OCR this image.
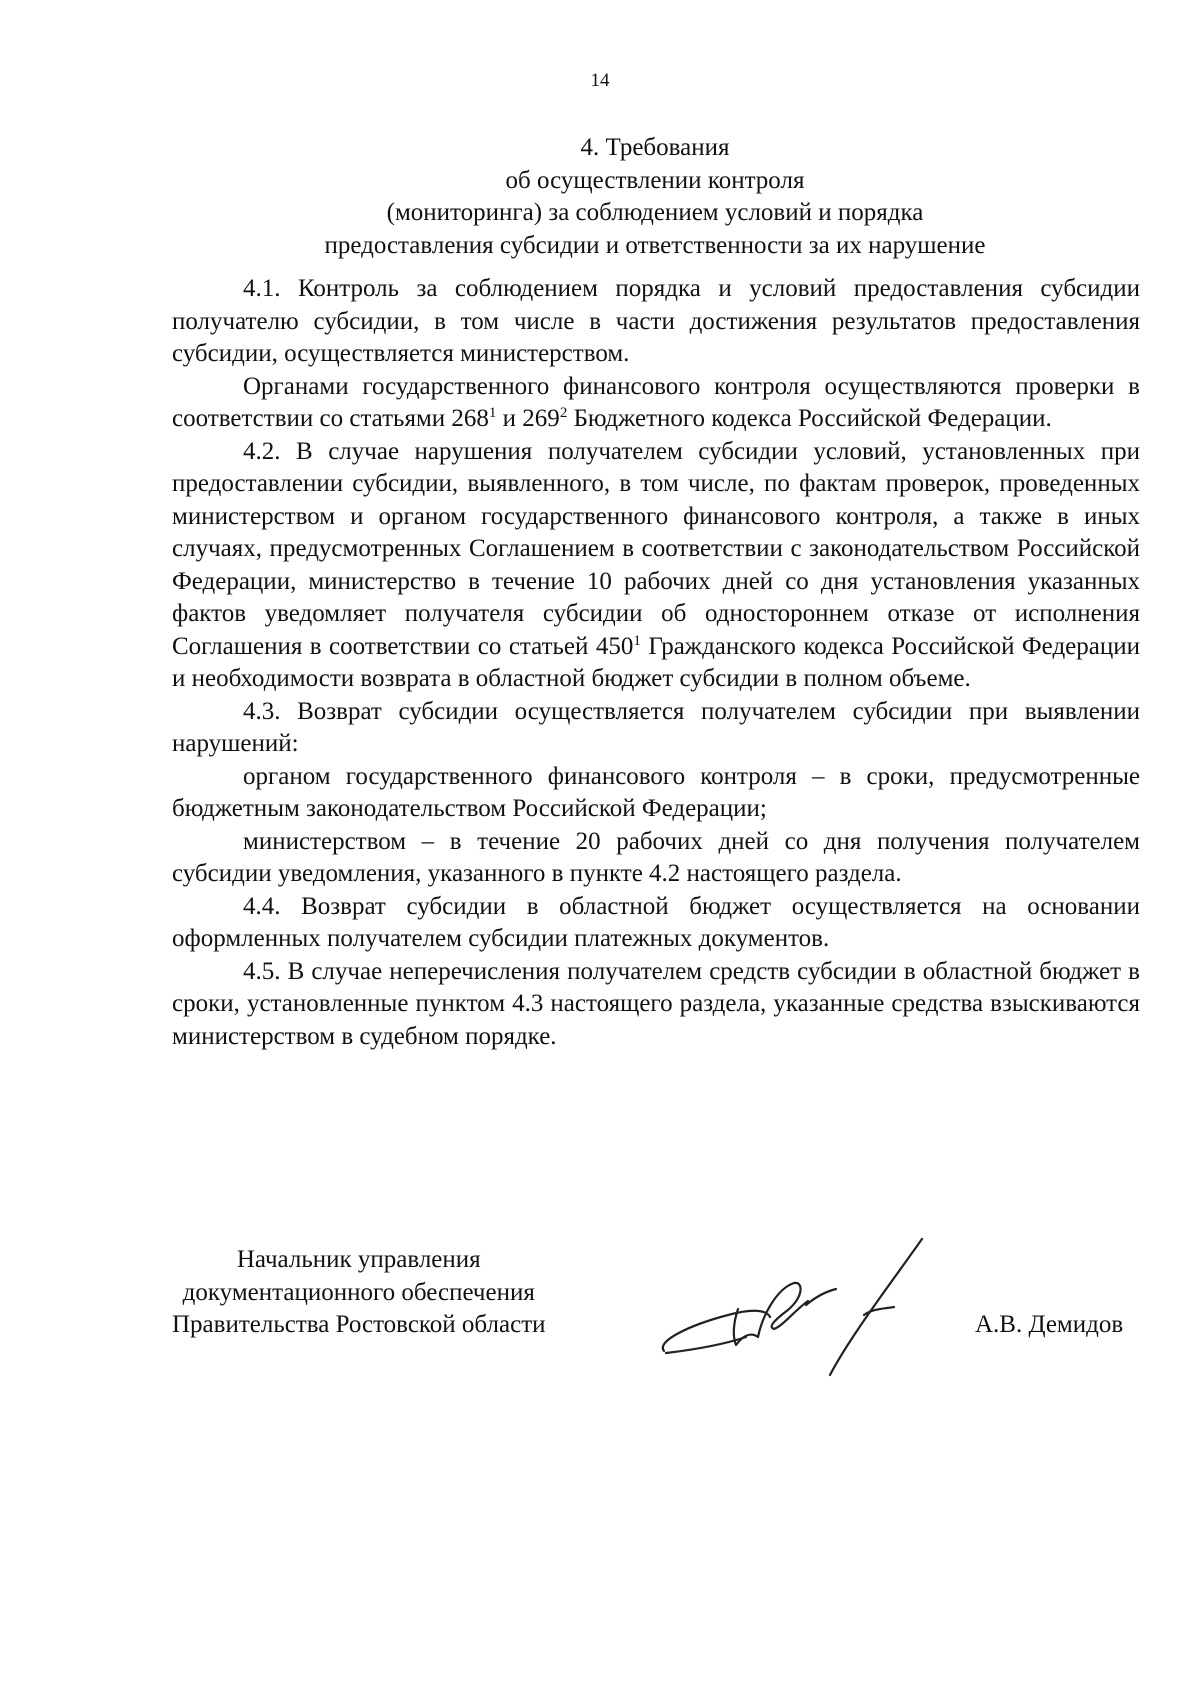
14
4. Требования
об осуществлении контроля
(мониторинга) за соблюдением условий и порядка
предоставления субсидии и ответственности за их нарушение

4.1. Контроль за соблюдением порядка и условий предоставления субсидии получателю субсидии, в том числе в части достижения результатов предоставления субсидии, осуществляется министерством.

Органами государственного финансового контроля осуществляются проверки в соответствии со статьями $268^1$ и $269^2$ Бюджетного кодекса Российской Федерации.

4.2. В случае нарушения получателем субсидии условий, установленных при предоставлении субсидии, выявленного, в том числе, по фактам проверок, проведенных министерством и органом государственного финансового контроля, а также в иных случаях, предусмотренных Соглашением в соответствии с законодательством Российской Федерации, министерство в течение 10 рабочих дней со дня установления указанных фактов уведомляет получателя субсидии об одностороннем отказе от исполнения Соглашения в соответствии со статьей $450^1$ Гражданского кодекса Российской Федерации и необходимости возврата в областной бюджет субсидии в полном объеме.

4.3. Возврат субсидии осуществляется получателем субсидии при выявлении нарушений:

органом государственного финансового контроля – в сроки, предусмотренные бюджетным законодательством Российской Федерации;

министерством – в течение 20 рабочих дней со дня получения получателем субсидии уведомления, указанного в пункте 4.2 настоящего раздела.

4.4. Возврат субсидии в областной бюджет осуществляется на основании оформленных получателем субсидии платежных документов.

4.5. В случае неперечисления получателем средств субсидии в областной бюджет в сроки, установленные пунктом 4.3 настоящего раздела, указанные средства взыскиваются министерством в судебном порядке.

Начальник управления
документационного обеспечения
Правительства Ростовской области	А.В. Демидов
